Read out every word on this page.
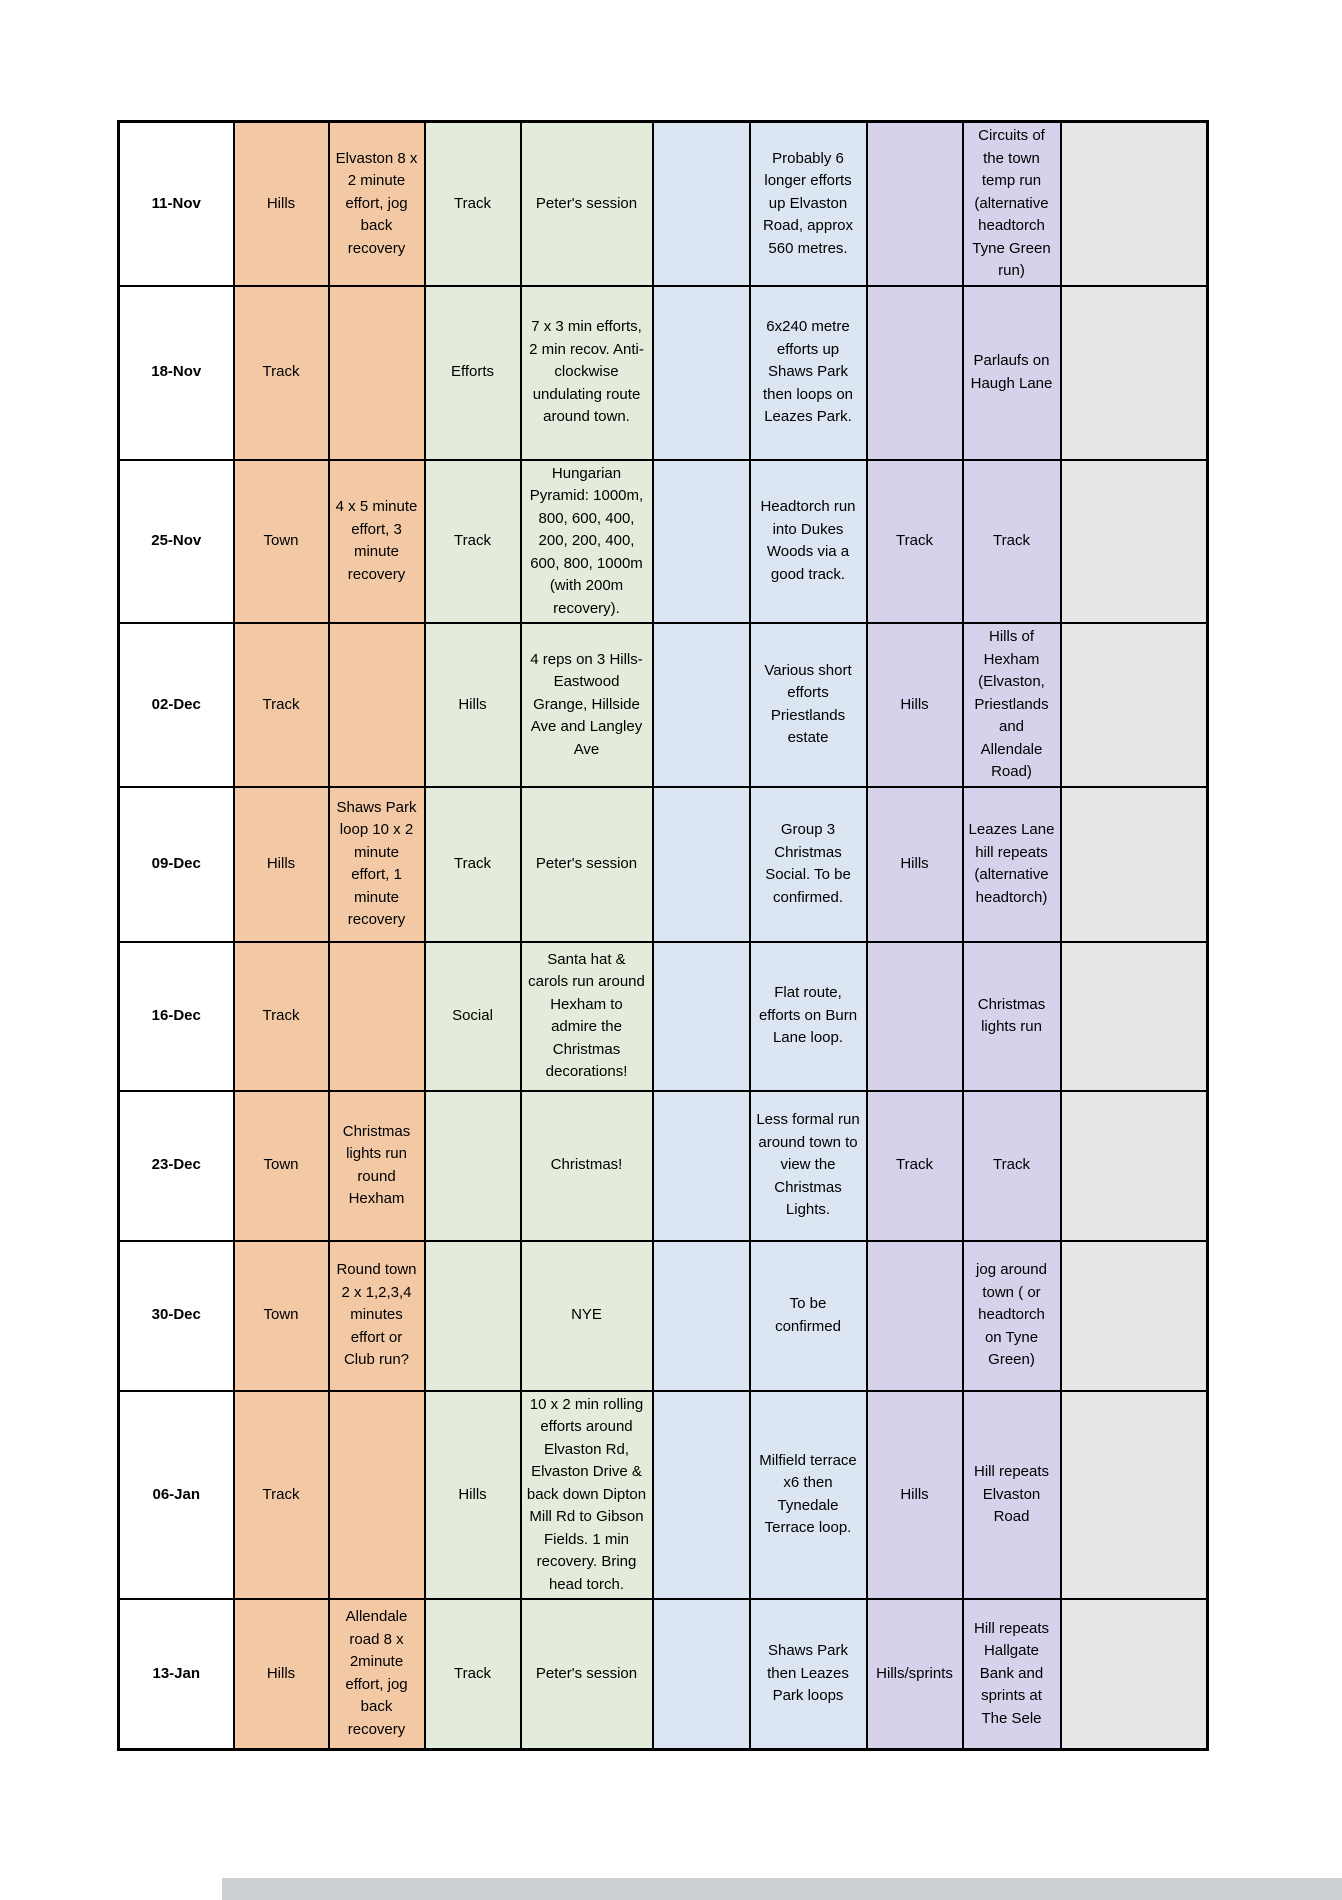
11-Nov	Hills	Elvaston 8 x 2 minute effort, jog back recovery	Track	Peter's session		Probably 6 longer efforts up Elvaston Road, approx 560 metres.		Circuits of the town temp run (alternative headtorch Tyne Green run)	
18-Nov	Track		Efforts	7 x 3 min efforts, 2 min recov. Anti-clockwise undulating route around town.		6x240 metre efforts up Shaws Park then loops on Leazes Park.		Parlaufs on Haugh Lane	
25-Nov	Town	4 x 5 minute effort, 3 minute recovery	Track	Hungarian Pyramid: 1000m, 800, 600, 400, 200, 200, 400, 600, 800, 1000m (with 200m recovery).		Headtorch run into Dukes Woods via a good track.	Track	Track	
02-Dec	Track		Hills	4 reps on 3 Hills- Eastwood Grange, Hillside Ave and Langley Ave		Various short efforts Priestlands estate	Hills	Hills of Hexham (Elvaston, Priestlands and Allendale Road)	
09-Dec	Hills	Shaws Park loop 10 x 2 minute effort, 1 minute recovery	Track	Peter's session		Group 3 Christmas Social. To be confirmed.	Hills	Leazes Lane hill repeats (alternative headtorch)	
16-Dec	Track		Social	Santa hat & carols run around Hexham to admire the Christmas decorations!		Flat route, efforts on Burn Lane loop.		Christmas lights run	
23-Dec	Town	Christmas lights run round Hexham		Christmas!		Less formal run around town to view the Christmas Lights.	Track	Track	
30-Dec	Town	Round town 2 x 1,2,3,4 minutes effort or Club run?		NYE		To be confirmed		jog around town ( or headtorch on Tyne Green)	
06-Jan	Track		Hills	10 x 2 min rolling efforts around Elvaston Rd, Elvaston Drive & back down Dipton Mill Rd to Gibson Fields. 1 min recovery. Bring head torch.		Milfield terrace x6 then Tynedale Terrace loop.	Hills	Hill repeats Elvaston Road	
13-Jan	Hills	Allendale road 8 x 2minute effort, jog back recovery	Track	Peter's session		Shaws Park then Leazes Park loops	Hills/sprints	Hill repeats Hallgate Bank and sprints at The Sele	
